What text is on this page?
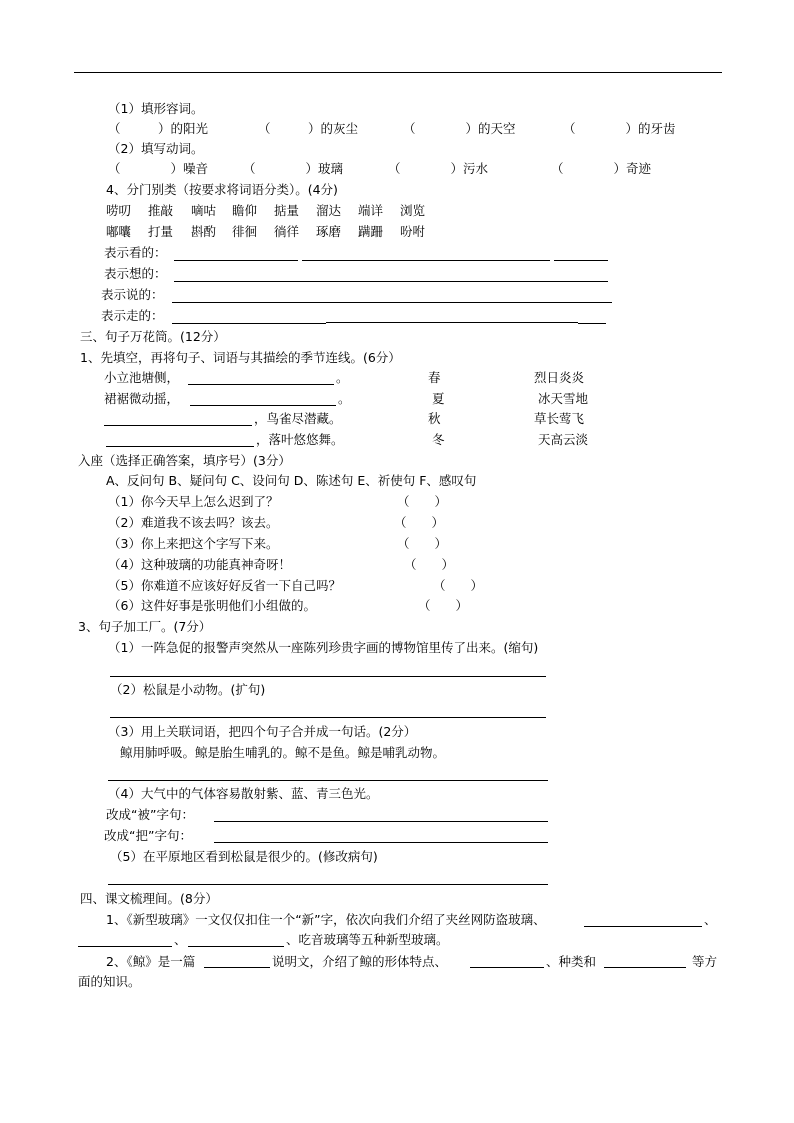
（1）填形容词。
（　　　）的阳光	（　　　）的灰尘	（　　　　）的天空	（　　　　）的牙齿
（2）填写动词。
（　　　　）噪音	（　　　　）玻璃	（　　　　）污水	（　　　　）奇迹
4、分门别类（按要求将词语分类）。(4分)
唠叨 推敲 嘀咕 瞻仰 掂量 溜达 端详 浏览
嘟囔 打量 斟酌 徘徊 徜徉 琢磨 蹒跚 吩咐
表示看的：
表示想的：
表示说的：
表示走的：
三、句子万花筒。(12分）
1、先填空，再将句子、词语与其描绘的季节连线。(6分）
小立池塘侧，	。	春	烈日炎炎
裙裾微动摇，	。	夏	冰天雪地
，鸟雀尽潜藏。	秋	草长莺飞
，落叶悠悠舞。	冬	天高云淡
入座（选择正确答案，填序号）(3分）
A、反问句 B、疑问句 C、设问句 D、陈述句 E、祈使句 F、感叹句
（1）你今天早上怎么迟到了？	（　　）
（2）难道我不该去吗？该去。	（　　）
（3）你上来把这个字写下来。	（　　）
（4）这种玻璃的功能真神奇呀！	（　　）
（5）你难道不应该好好反省一下自己吗？	（　　）
（6）这件好事是张明他们小组做的。	（　　）
3、句子加工厂。(7分）
（1）一阵急促的报警声突然从一座陈列珍贵字画的博物馆里传了出来。(缩句)
（2）松鼠是小动物。(扩句)
（3）用上关联词语，把四个句子合并成一句话。(2分）
鲸用肺呼吸。鲸是胎生哺乳的。鲸不是鱼。鲸是哺乳动物。
（4）大气中的气体容易散射紫、蓝、青三色光。
改成“被”字句：
改成“把”字句：
（5）在平原地区看到松鼠是很少的。(修改病句)
四、课文梳理间。(8分）
1、《新型玻璃》一文仅仅扣住一个“新”字，依次向我们介绍了夹丝网防盗玻璃、	、
、	、吃音玻璃等五种新型玻璃。
2、《鲸》是一篇	说明文，介绍了鲸的形体特点、	、种类和	等方
面的知识。
